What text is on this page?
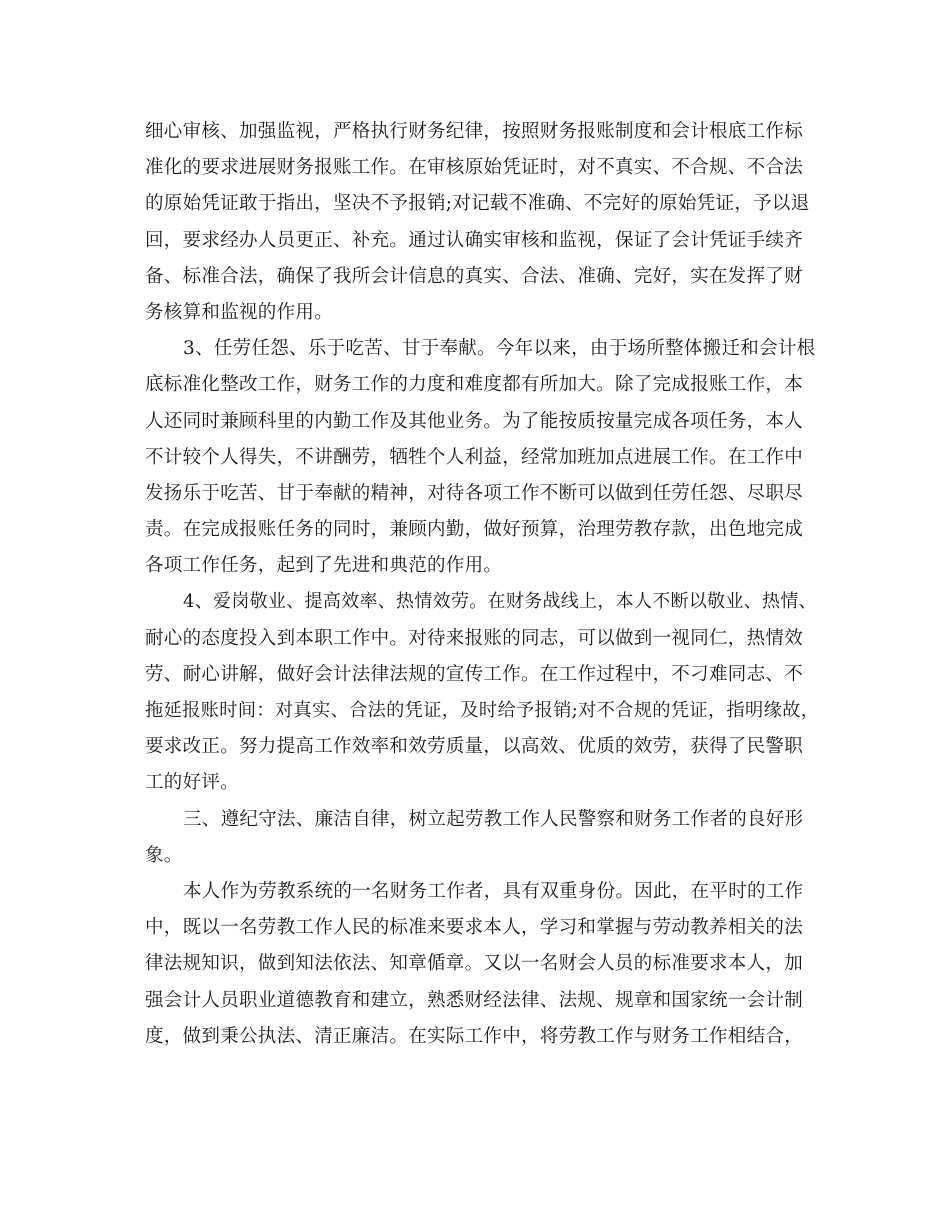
细心审核、加强监视，严格执行财务纪律，按照财务报账制度和会计根底工作标
准化的要求进展财务报账工作。在审核原始凭证时，对不真实、不合规、不合法
的原始凭证敢于指出，坚决不予报销;对记载不准确、不完好的原始凭证，予以退
回，要求经办人员更正、补充。通过认确实审核和监视，保证了会计凭证手续齐
备、标准合法，确保了我所会计信息的真实、合法、准确、完好，实在发挥了财
务核算和监视的作用。
3、任劳任怨、乐于吃苦、甘于奉献。今年以来，由于场所整体搬迁和会计根
底标准化整改工作，财务工作的力度和难度都有所加大。除了完成报账工作，本
人还同时兼顾科里的内勤工作及其他业务。为了能按质按量完成各项任务，本人
不计较个人得失，不讲酬劳，牺牲个人利益，经常加班加点进展工作。在工作中
发扬乐于吃苦、甘于奉献的精神，对待各项工作不断可以做到任劳任怨、尽职尽
责。在完成报账任务的同时，兼顾内勤，做好预算，治理劳教存款，出色地完成
各项工作任务，起到了先进和典范的作用。
4、爱岗敬业、提高效率、热情效劳。在财务战线上，本人不断以敬业、热情、
耐心的态度投入到本职工作中。对待来报账的同志，可以做到一视同仁，热情效
劳、耐心讲解，做好会计法律法规的宣传工作。在工作过程中，不刁难同志、不
拖延报账时间：对真实、合法的凭证，及时给予报销;对不合规的凭证，指明缘故，
要求改正。努力提高工作效率和效劳质量，以高效、优质的效劳，获得了民警职
工的好评。
三、遵纪守法、廉洁自律，树立起劳教工作人民警察和财务工作者的良好形
象。
本人作为劳教系统的一名财务工作者，具有双重身份。因此，在平时的工作
中，既以一名劳教工作人民的标准来要求本人，学习和掌握与劳动教养相关的法
律法规知识，做到知法依法、知章偱章。又以一名财会人员的标准要求本人，加
强会计人员职业道德教育和建立，熟悉财经法律、法规、规章和国家统一会计制
度，做到秉公执法、清正廉洁。在实际工作中，将劳教工作与财务工作相结合，
